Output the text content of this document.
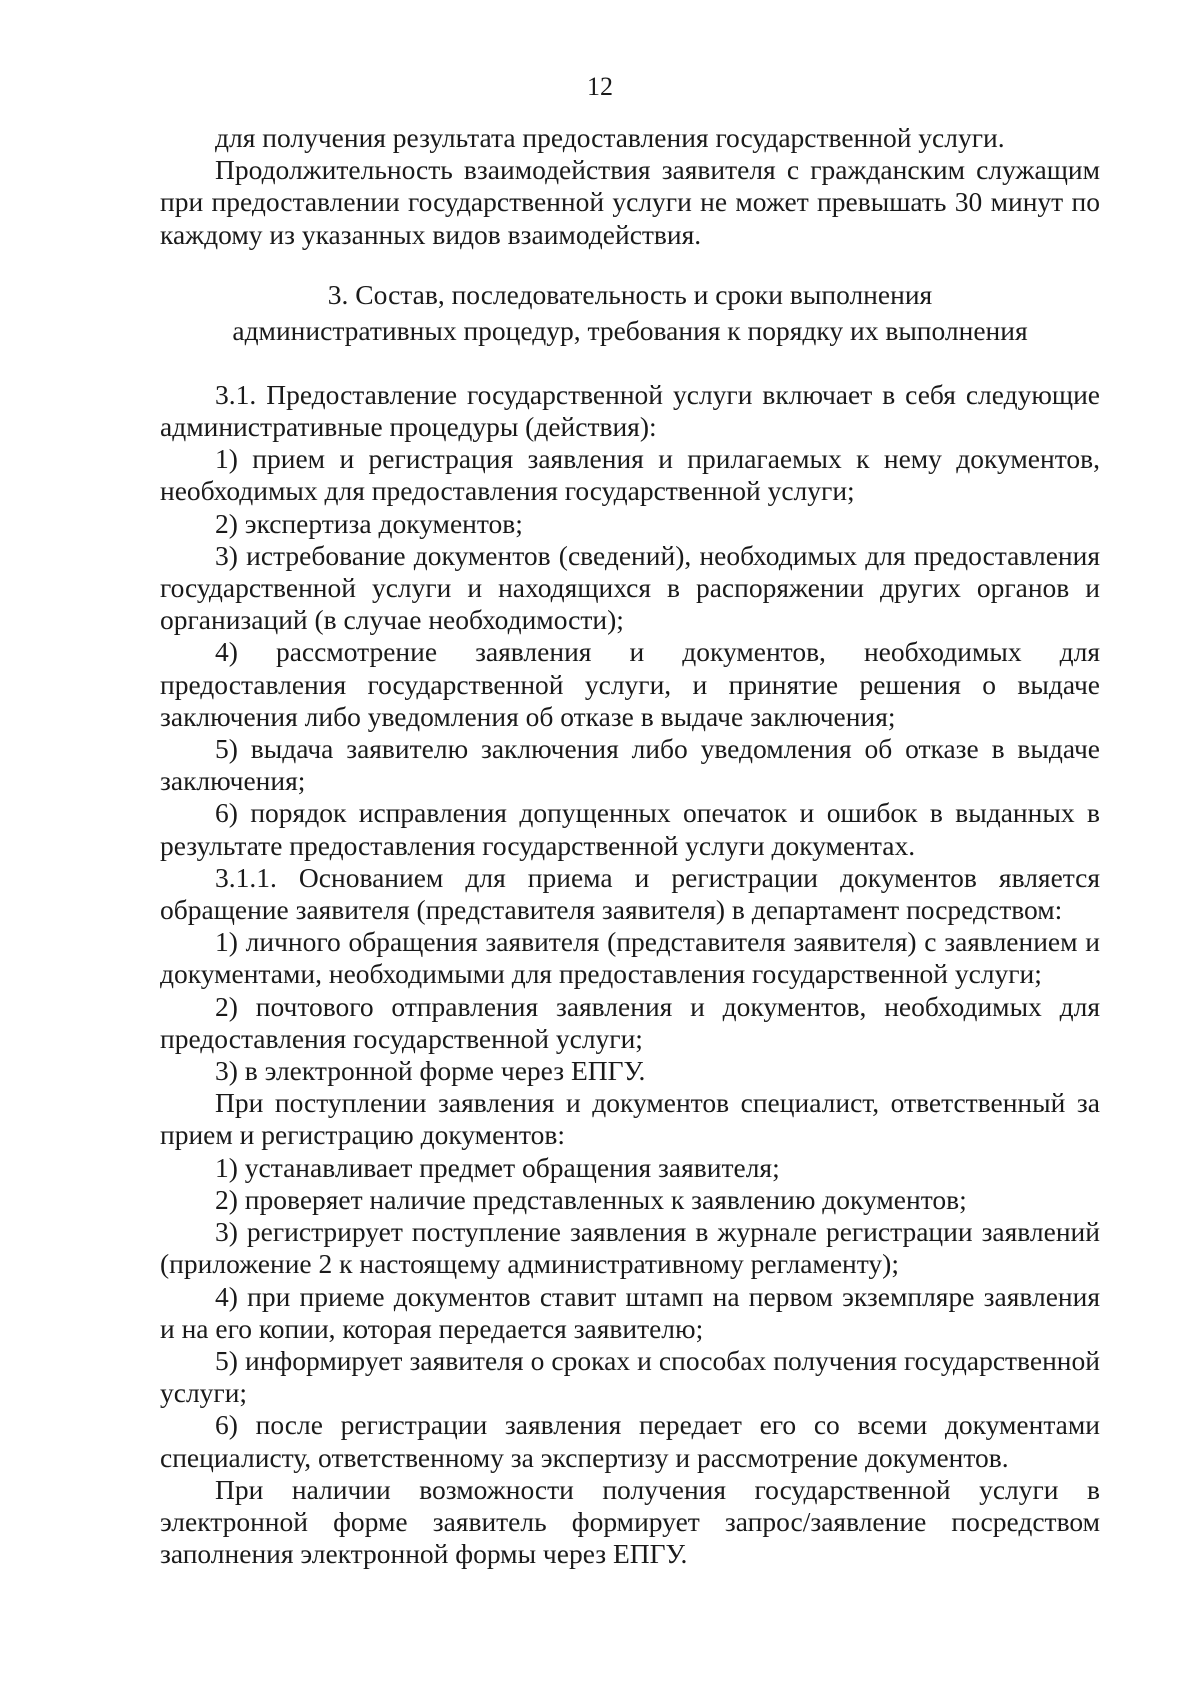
12

для получения результата предоставления государственной услуги.

Продолжительность взаимодействия заявителя с гражданским служащим при предоставлении государственной услуги не может превышать 30 минут по каждому из указанных видов взаимодействия.

3. Состав, последовательность и сроки выполнения
административных процедур, требования к порядку их выполнения

3.1. Предоставление государственной услуги включает в себя следующие административные процедуры (действия):

1) прием и регистрация заявления и прилагаемых к нему документов, необходимых для предоставления государственной услуги;

2) экспертиза документов;

3) истребование документов (сведений), необходимых для предоставления государственной услуги и находящихся в распоряжении других органов и организаций (в случае необходимости);

4) рассмотрение заявления и документов, необходимых для предоставления государственной услуги, и принятие решения о выдаче заключения либо уведомления об отказе в выдаче заключения;

5) выдача заявителю заключения либо уведомления об отказе в выдаче заключения;

6) порядок исправления допущенных опечаток и ошибок в выданных в результате предоставления государственной услуги документах.

3.1.1. Основанием для приема и регистрации документов является обращение заявителя (представителя заявителя) в департамент посредством:

1) личного обращения заявителя (представителя заявителя) с заявлением и документами, необходимыми для предоставления государственной услуги;

2) почтового отправления заявления и документов, необходимых для предоставления государственной услуги;

3) в электронной форме через ЕПГУ.

При поступлении заявления и документов специалист, ответственный за прием и регистрацию документов:

1) устанавливает предмет обращения заявителя;

2) проверяет наличие представленных к заявлению документов;

3) регистрирует поступление заявления в журнале регистрации заявлений (приложение 2 к настоящему административному регламенту);

4) при приеме документов ставит штамп на первом экземпляре заявления и на его копии, которая передается заявителю;

5) информирует заявителя о сроках и способах получения государственной услуги;

6) после регистрации заявления передает его со всеми документами специалисту, ответственному за экспертизу и рассмотрение документов.

При наличии возможности получения государственной услуги в электронной форме заявитель формирует запрос/заявление посредством заполнения электронной формы через ЕПГУ.
